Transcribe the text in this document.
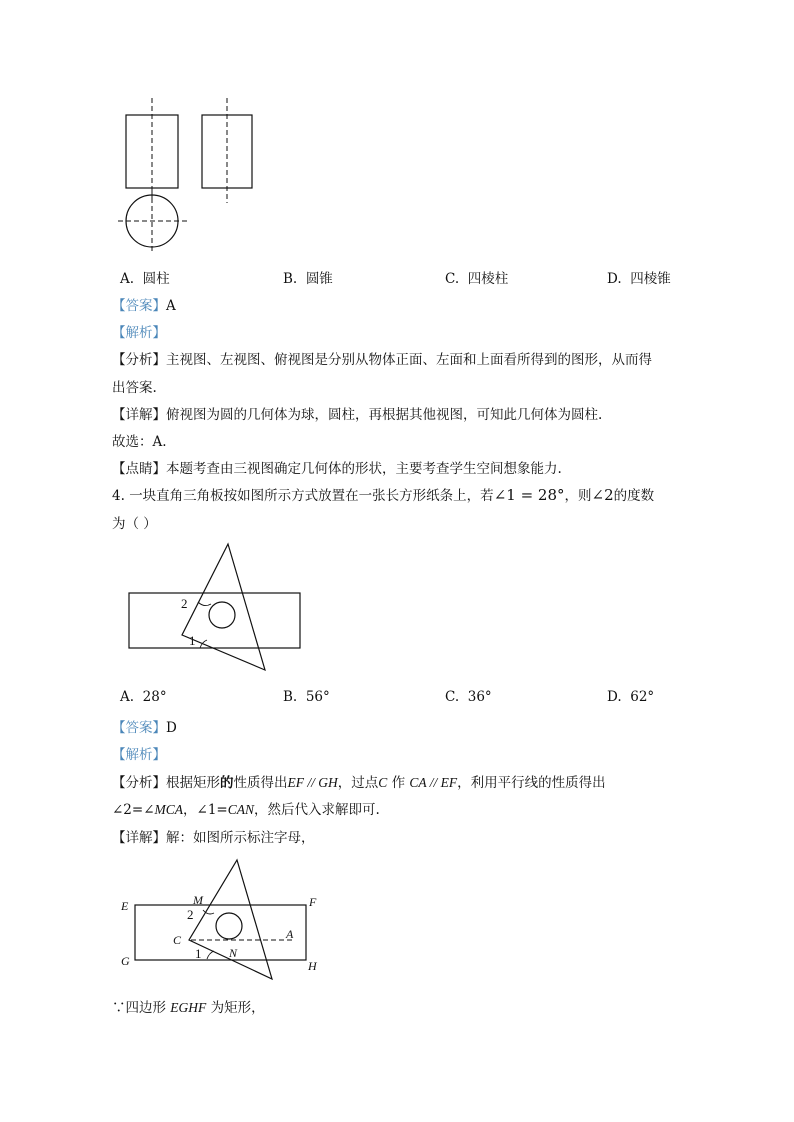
A. 圆柱	B. 圆锥	C. 四棱柱	D. 四棱锥
【答案】A
【解析】
【分析】主视图、左视图、俯视图是分别从物体正面、左面和上面看所得到的图形，从而得
出答案.
【详解】俯视图为圆的几何体为球，圆柱，再根据其他视图，可知此几何体为圆柱.
故选：A.
【点睛】本题考查由三视图确定几何体的形状，主要考查学生空间想象能力.
4. 一块直角三角板按如图所示方式放置在一张长方形纸条上，若∠1 = 28°，则∠2的度数
为（ ）
2
1
A. 28°	B. 56°	C. 36°	D. 62°
【答案】D
【解析】
【分析】根据矩形的性质得出EF // GH，过点C 作 CA // EF，利用平行线的性质得出
∠2=∠MCA，∠1=CAN，然后代入求解即可.
【详解】解：如图所示标注字母，
E	F
G	H
M
2
C	A
N
1
∵四边形 EGHF 为矩形，
